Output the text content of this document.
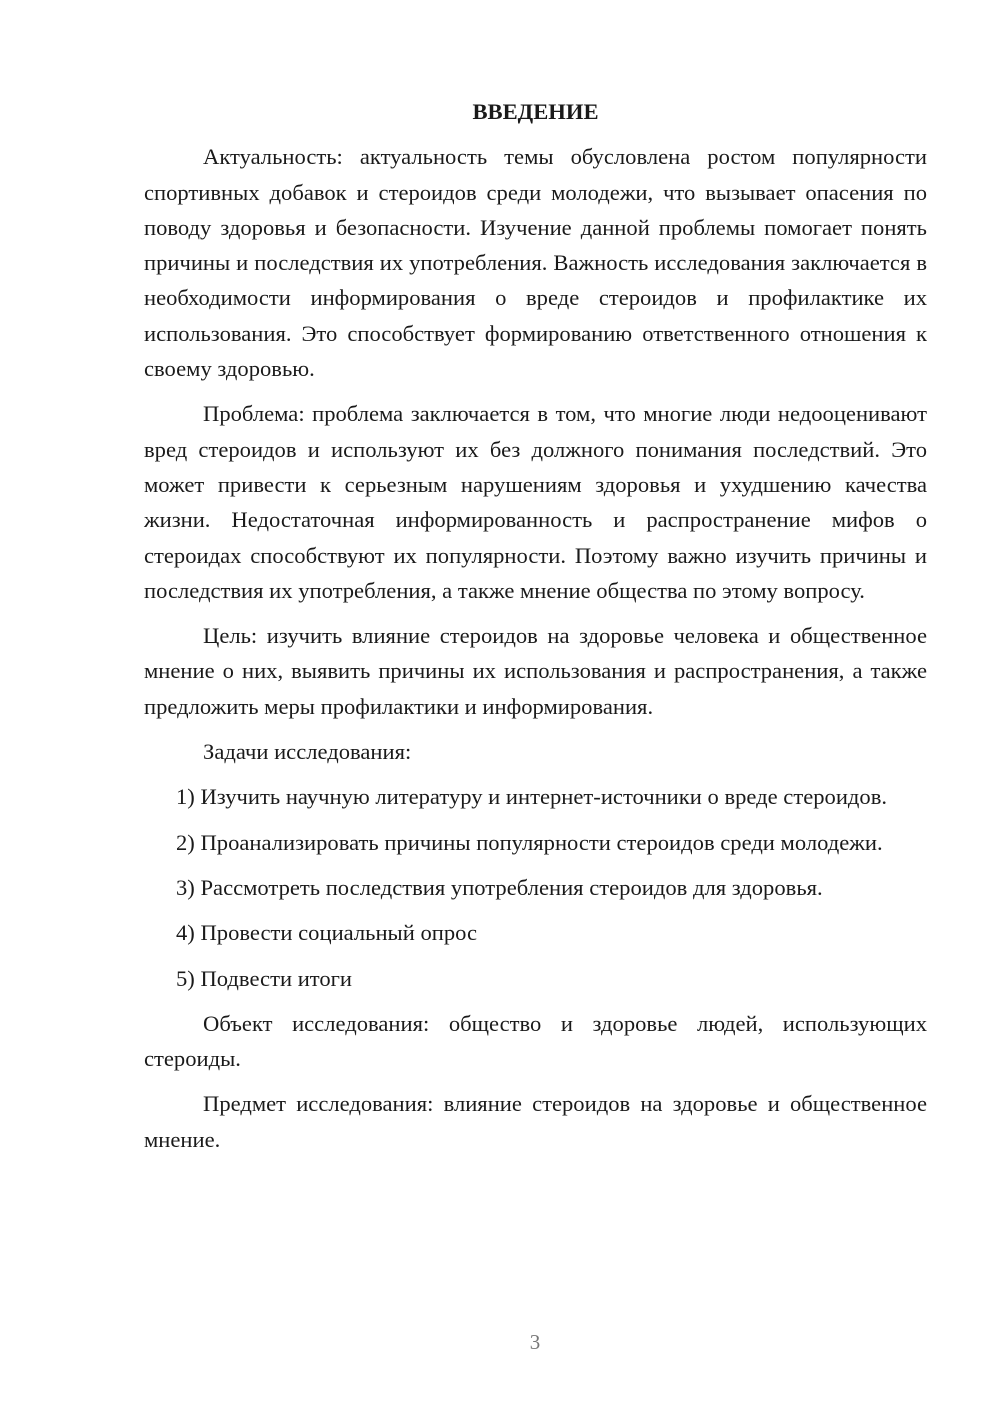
ВВЕДЕНИЕ

Актуальность: актуальность темы обусловлена ростом популярности спортивных добавок и стероидов среди молодежи, что вызывает опасения по поводу здоровья и безопасности. Изучение данной проблемы помогает понять причины и последствия их употребления. Важность исследования заключается в необходимости информирования о вреде стероидов и профилактике их использования. Это способствует формированию ответственного отношения к своему здоровью.

Проблема: проблема заключается в том, что многие люди недооценивают вред стероидов и используют их без должного понимания последствий. Это может привести к серьезным нарушениям здоровья и ухудшению качества жизни. Недостаточная информированность и распространение мифов о стероидах способствуют их популярности. Поэтому важно изучить причины и последствия их употребления, а также мнение общества по этому вопросу.

Цель: изучить влияние стероидов на здоровье человека и общественное мнение о них, выявить причины их использования и распространения, а также предложить меры профилактики и информирования.

Задачи исследования:

1) Изучить научную литературу и интернет-источники о вреде стероидов.

2) Проанализировать причины популярности стероидов среди молодежи.

3) Рассмотреть последствия употребления стероидов для здоровья.

4) Провести социальный опрос

5) Подвести итоги

Объект исследования: общество и здоровье людей, использующих стероиды.

Предмет исследования: влияние стероидов на здоровье и общественное мнение.

3
